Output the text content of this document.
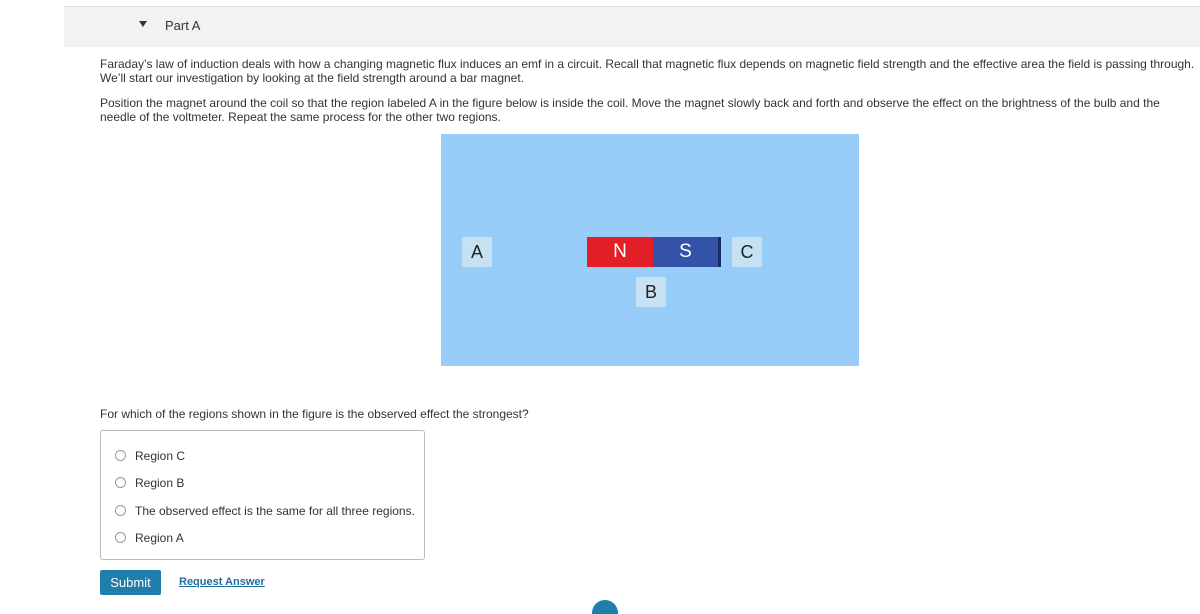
Part A

Faraday’s law of induction deals with how a changing magnetic flux induces an emf in a circuit. Recall that magnetic flux depends on magnetic field strength and the effective area the field is passing through. We’ll start our investigation by looking at the field strength around a bar magnet.

Position the magnet around the coil so that the region labeled A in the figure below is inside the coil. Move the magnet slowly back and forth and observe the effect on the brightness of the bulb and the needle of the voltmeter. Repeat the same process for the other two regions.

A	N	S	C
B
For which of the regions shown in the figure is the observed effect the strongest?
Region C
Region B
The observed effect is the same for all three regions.
Region A
Submit	Request Answer
